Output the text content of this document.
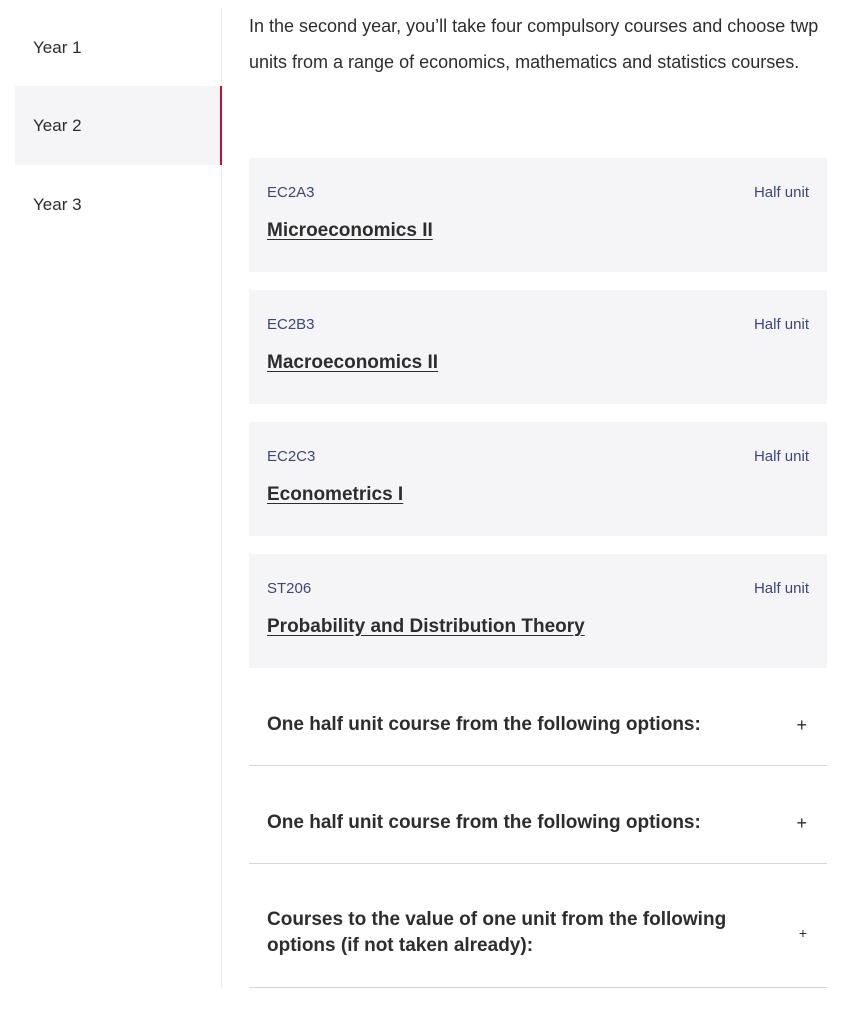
Year 1
Year 2
Year 3

In the second year, you’ll take four compulsory courses and choose twp units from a range of economics, mathematics and statistics courses.

EC2A3	Half unit
Microeconomics II
EC2B3	Half unit
Macroeconomics II
EC2C3	Half unit
Econometrics I
ST206	Half unit
Probability and Distribution Theory
One half unit course from the following options:	+
One half unit course from the following options:	+
Courses to the value of one unit from the following options (if not taken already):
+
